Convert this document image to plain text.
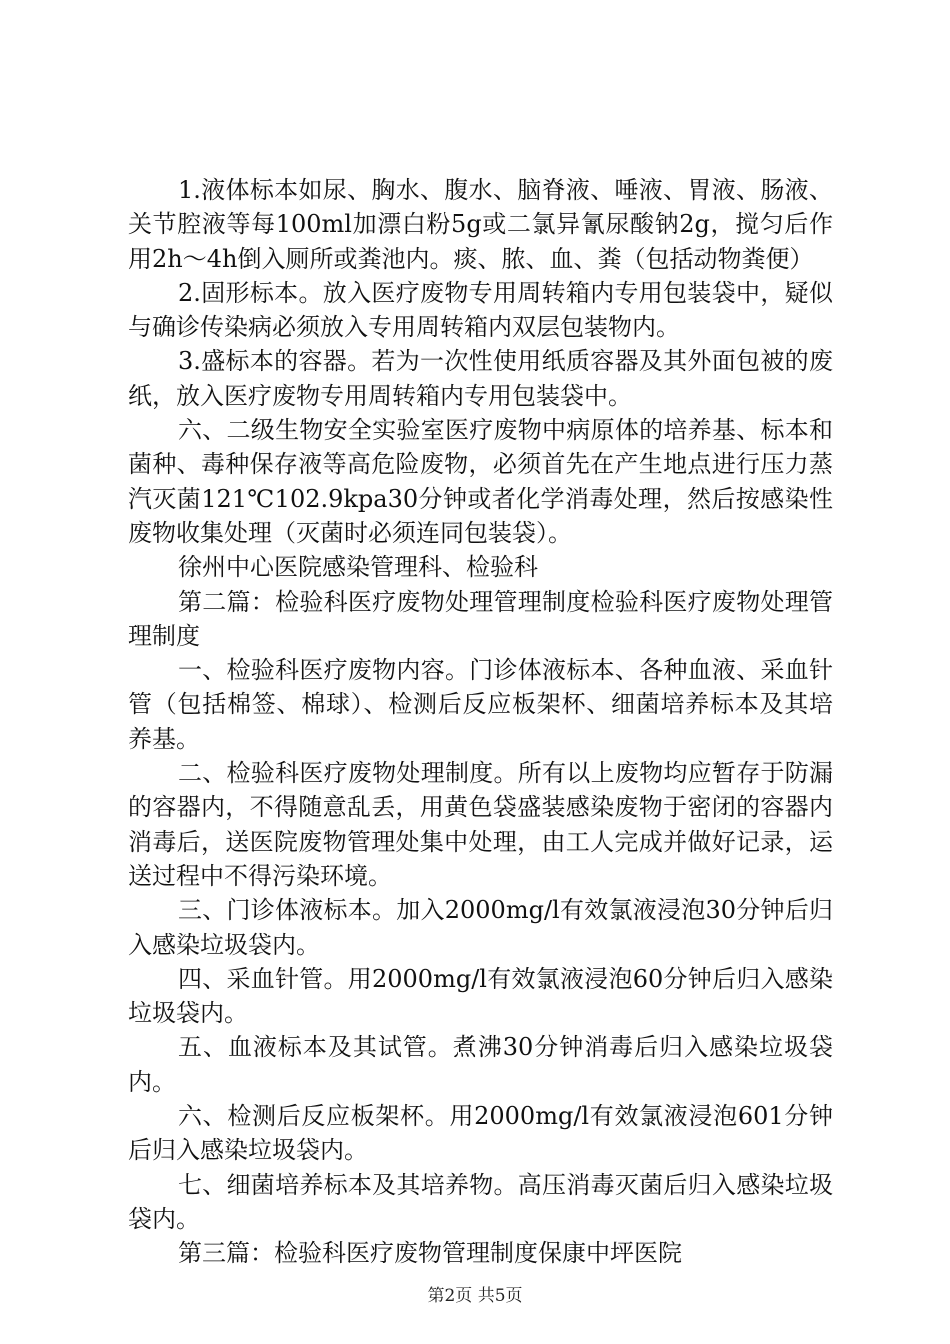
1.液体标本如尿、胸水、腹水、脑脊液、唾液、胃液、肠液、关节腔液等每100ml加漂白粉5g或二氯异氰尿酸钠2g，搅匀后作用2h～4h倒入厕所或粪池内。痰、脓、血、粪（包括动物粪便）

2.固形标本。放入医疗废物专用周转箱内专用包装袋中，疑似与确诊传染病必须放入专用周转箱内双层包装物内。

3.盛标本的容器。若为一次性使用纸质容器及其外面包被的废纸，放入医疗废物专用周转箱内专用包装袋中。

六、二级生物安全实验室医疗废物中病原体的培养基、标本和菌种、毒种保存液等高危险废物，必须首先在产生地点进行压力蒸汽灭菌121℃102.9kpa30分钟或者化学消毒处理，然后按感染性废物收集处理（灭菌时必须连同包装袋）。

徐州中心医院感染管理科、检验科

第二篇：检验科医疗废物处理管理制度检验科医疗废物处理管理制度

一、检验科医疗废物内容。门诊体液标本、各种血液、采血针管（包括棉签、棉球）、检测后反应板架杯、细菌培养标本及其培养基。

二、检验科医疗废物处理制度。所有以上废物均应暂存于防漏的容器内，不得随意乱丢，用黄色袋盛装感染废物于密闭的容器内消毒后，送医院废物管理处集中处理，由工人完成并做好记录，运送过程中不得污染环境。

三、门诊体液标本。加入2000mg/l有效氯液浸泡30分钟后归入感染垃圾袋内。

四、采血针管。用2000mg/l有效氯液浸泡60分钟后归入感染垃圾袋内。

五、血液标本及其试管。煮沸30分钟消毒后归入感染垃圾袋内。

六、检测后反应板架杯。用2000mg/l有效氯液浸泡601分钟后归入感染垃圾袋内。

七、细菌培养标本及其培养物。高压消毒灭菌后归入感染垃圾袋内。

第三篇：检验科医疗废物管理制度保康中坪医院

第2页 共5页
